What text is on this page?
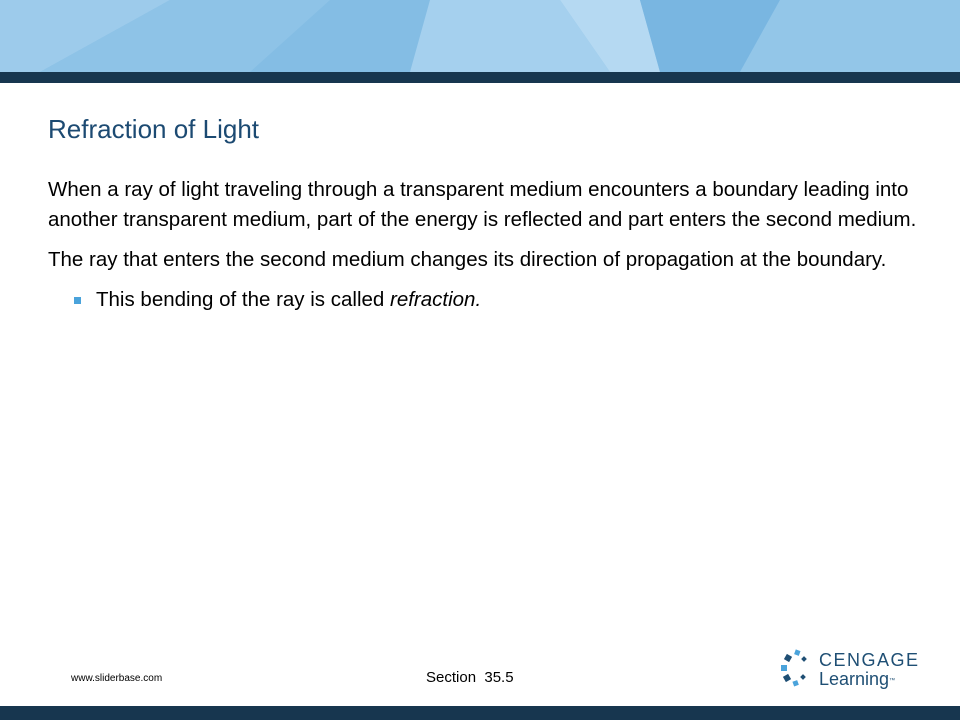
Refraction of Light

When a ray of light traveling through a transparent medium encounters a boundary leading into another transparent medium, part of the energy is reflected and part enters the second medium.

The ray that enters the second medium changes its direction of propagation at the boundary.

This bending of the ray is called refraction.
www.sliderbase.com	Section  35.5
CENGAGE
Learning™
